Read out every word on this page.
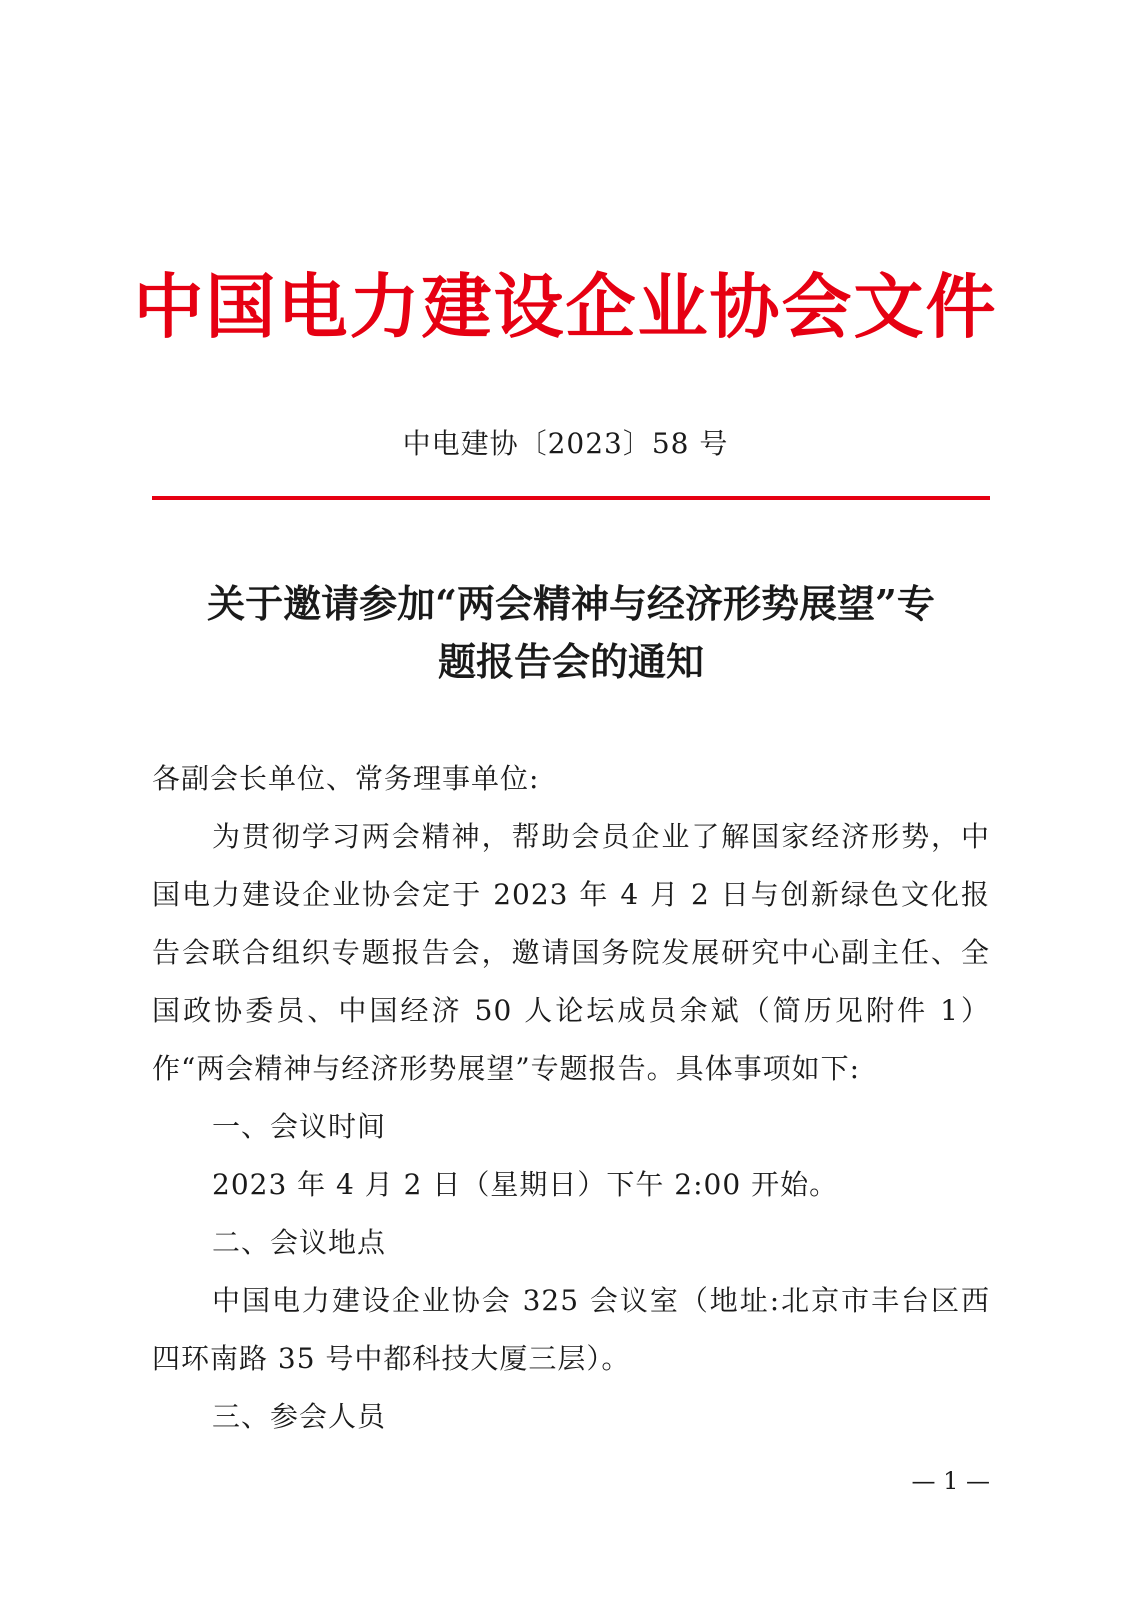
中国电力建设企业协会文件
中电建协〔2023〕58 号
关于邀请参加“两会精神与经济形势展望”专
题报告会的通知

各副会长单位、常务理事单位:

为贯彻学习两会精神，帮助会员企业了解国家经济形势，中国电力建设企业协会定于 2023 年 4 月 2 日与创新绿色文化报告会联合组织专题报告会，邀请国务院发展研究中心副主任、全国政协委员、中国经济 50 人论坛成员余斌（简历见附件 1）作“两会精神与经济形势展望”专题报告。具体事项如下:

一、会议时间

2023 年 4 月 2 日（星期日）下午 2:00 开始。

二、会议地点

中国电力建设企业协会 325 会议室（地址:北京市丰台区西四环南路 35 号中都科技大厦三层）。

三、参会人员

— 1 —
